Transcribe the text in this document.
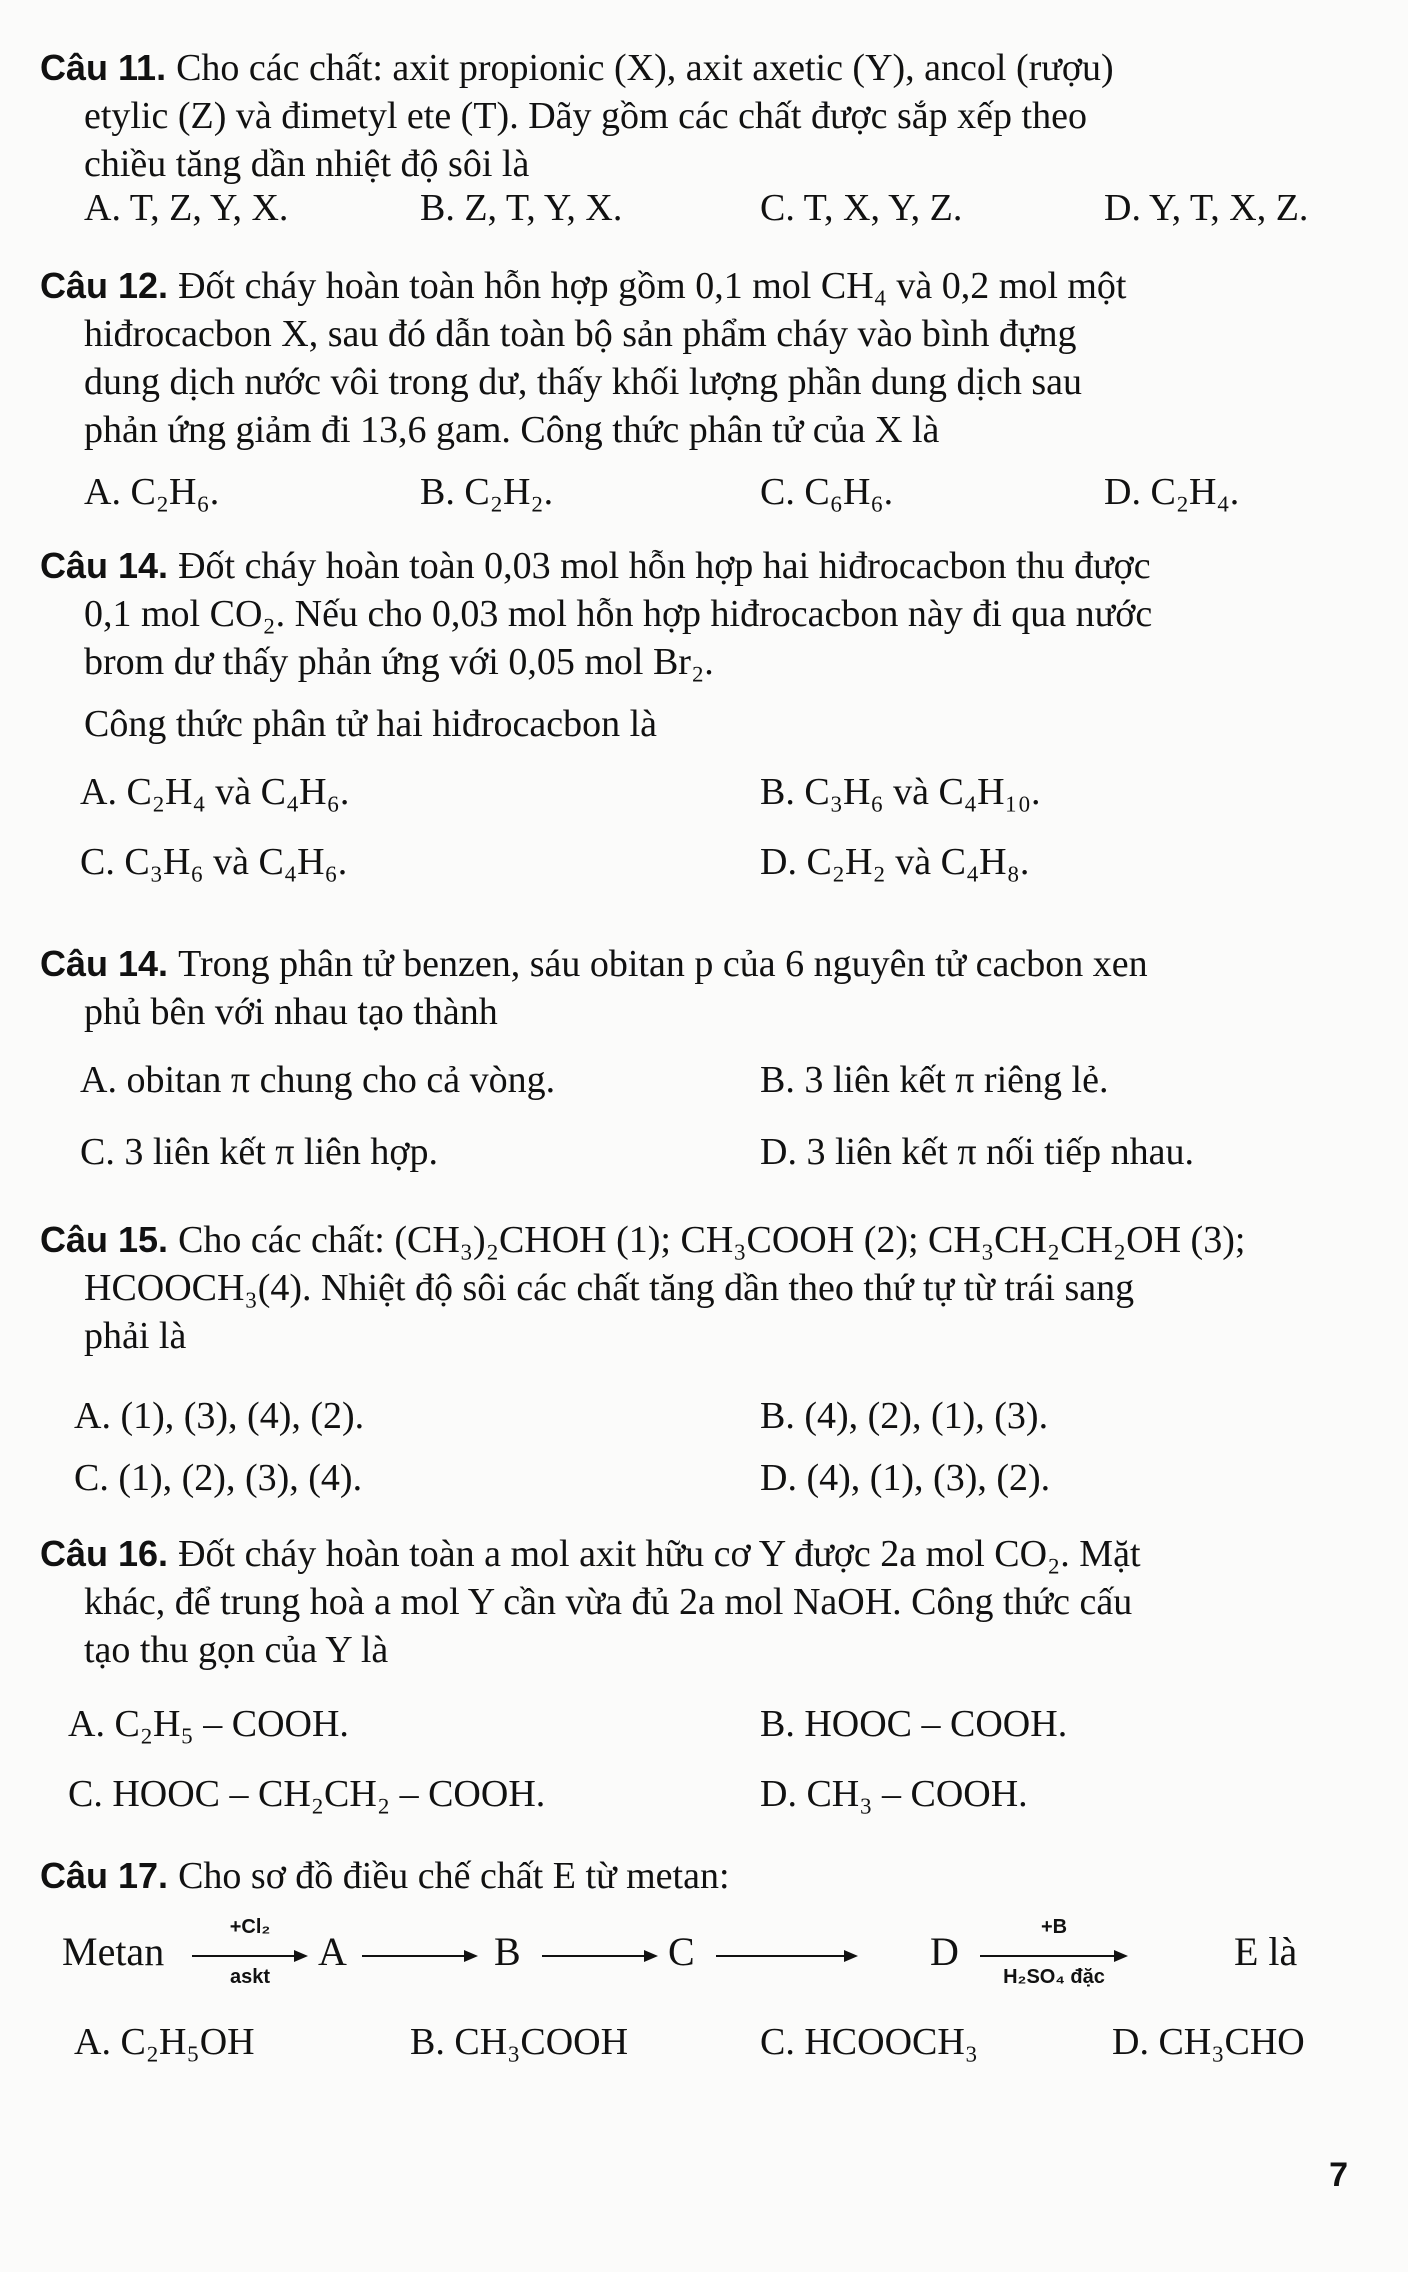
Câu 11. Cho các chất: axit propionic (X), axit axetic (Y), ancol (rượu)
etylic (Z) và đimetyl ete (T). Dãy gồm các chất được sắp xếp theo
chiều tăng dần nhiệt độ sôi là
A. T, Z, Y, X.	B. Z, T, Y, X.	C. T, X, Y, Z.	D. Y, T, X, Z.
Câu 12. Đốt cháy hoàn toàn hỗn hợp gồm 0,1 mol CH₄ và 0,2 mol một
hiđrocacbon X, sau đó dẫn toàn bộ sản phẩm cháy vào bình đựng
dung dịch nước vôi trong dư, thấy khối lượng phần dung dịch sau
phản ứng giảm đi 13,6 gam. Công thức phân tử của X là
A. C₂H₆.	B. C₂H₂.	C. C₆H₆.	D. C₂H₄.
Câu 14. Đốt cháy hoàn toàn 0,03 mol hỗn hợp hai hiđrocacbon thu được
0,1 mol CO₂. Nếu cho 0,03 mol hỗn hợp hiđrocacbon này đi qua nước
brom dư thấy phản ứng với 0,05 mol Br₂.
Công thức phân tử hai hiđrocacbon là
A. C₂H₄ và C₄H₆.	B. C₃H₆ và C₄H₁₀.
C. C₃H₆ và C₄H₆.	D. C₂H₂ và C₄H₈.
Câu 14. Trong phân tử benzen, sáu obitan p của 6 nguyên tử cacbon xen
phủ bên với nhau tạo thành
A. obitan π chung cho cả vòng.	B. 3 liên kết π riêng lẻ.
C. 3 liên kết π liên hợp.	D. 3 liên kết π nối tiếp nhau.
Câu 15. Cho các chất: (CH₃)₂CHOH (1); CH₃COOH (2); CH₃CH₂CH₂OH (3);
HCOOCH₃(4). Nhiệt độ sôi các chất tăng dần theo thứ tự từ trái sang
phải là
A. (1), (3), (4), (2).	B. (4), (2), (1), (3).
C. (1), (2), (3), (4).	D. (4), (1), (3), (2).
Câu 16. Đốt cháy hoàn toàn a mol axit hữu cơ Y được 2a mol CO₂. Mặt
khác, để trung hoà a mol Y cần vừa đủ 2a mol NaOH. Công thức cấu
tạo thu gọn của Y là
A. C₂H₅ – COOH.	B. HOOC – COOH.
C. HOOC – CH₂CH₂ – COOH.	D. CH₃ – COOH.
Câu 17. Cho sơ đồ điều chế chất E từ metan:
Metan
+Cl₂
askt
A → B → C → D
+B
H₂SO₄ đặc
E là
A. C₂H₅OH	B. CH₃COOH	C. HCOOCH₃	D. CH₃CHO
7
